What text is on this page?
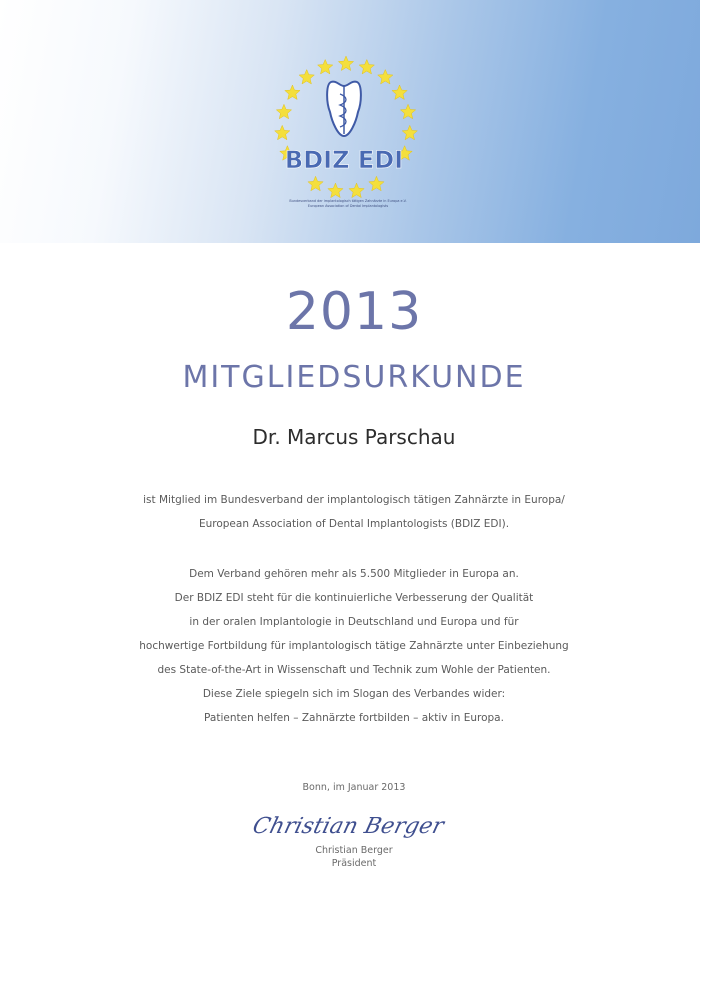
BDIZ EDI
Bundesverband der implantologisch tätigen Zahnärzte in Europa e.V.
European Association of Dental Implantologists
2013
MITGLIEDSURKUNDE
Dr. Marcus Parschau
ist Mitglied im Bundesverband der implantologisch tätigen Zahnärzte in Europa/
European Association of Dental Implantologists (BDIZ EDI).
Dem Verband gehören mehr als 5.500 Mitglieder in Europa an.
Der BDIZ EDI steht für die kontinuierliche Verbesserung der Qualität
in der oralen Implantologie in Deutschland und Europa und für
hochwertige Fortbildung für implantologisch tätige Zahnärzte unter Einbeziehung
des State-of-the-Art in Wissenschaft und Technik zum Wohle der Patienten.
Diese Ziele spiegeln sich im Slogan des Verbandes wider:
Patienten helfen – Zahnärzte fortbilden – aktiv in Europa.
Bonn, im Januar 2013
Christian Berger
Christian Berger
Präsident
